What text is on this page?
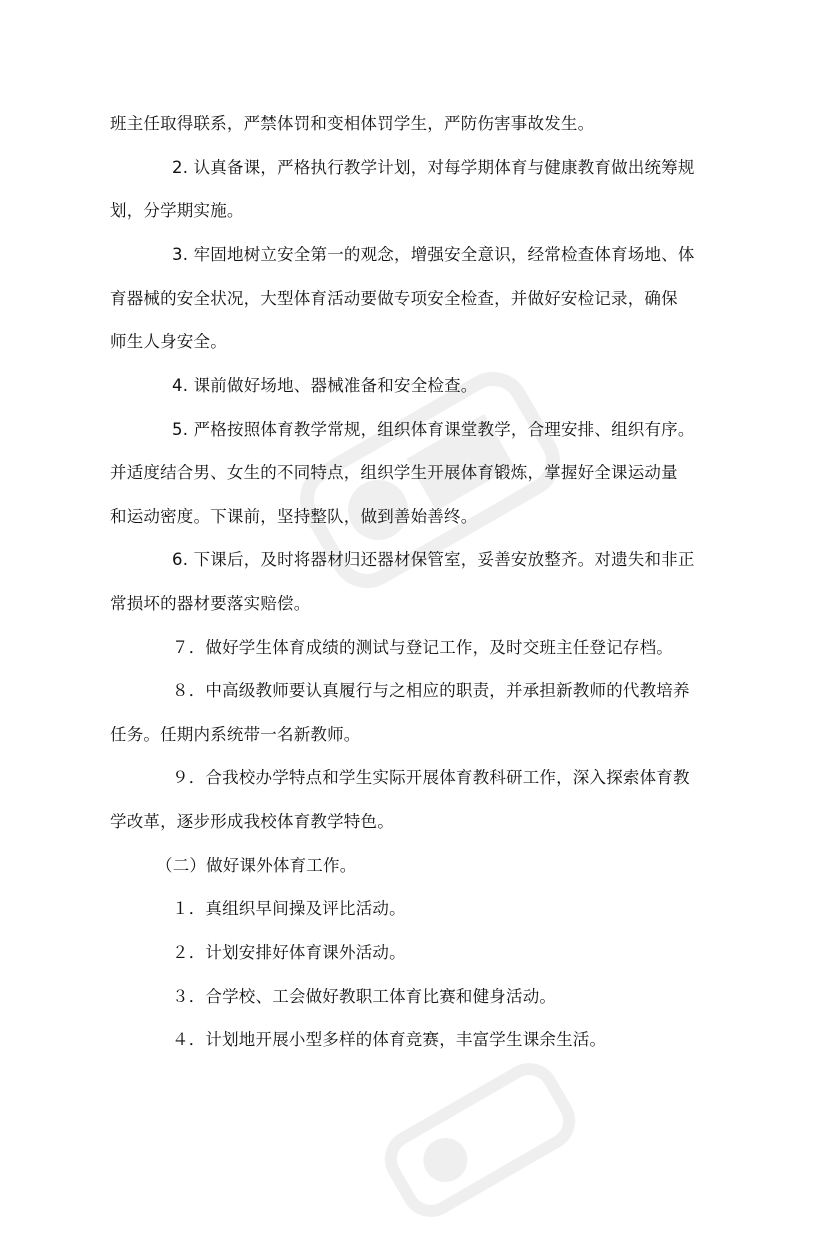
班主任取得联系，严禁体罚和变相体罚学生，严防伤害事故发生。
2. 认真备课，严格执行教学计划，对每学期体育与健康教育做出统筹规
划，分学期实施。
3. 牢固地树立安全第一的观念，增强安全意识，经常检查体育场地、体
育器械的安全状况，大型体育活动要做专项安全检查，并做好安检记录，确保
师生人身安全。
4. 课前做好场地、器械准备和安全检查。
5. 严格按照体育教学常规，组织体育课堂教学，合理安排、组织有序。
并适度结合男、女生的不同特点，组织学生开展体育锻炼，掌握好全课运动量
和运动密度。下课前，坚持整队，做到善始善终。
6. 下课后，及时将器材归还器材保管室，妥善安放整齐。对遗失和非正
常损坏的器材要落实赔偿。
７．做好学生体育成绩的测试与登记工作，及时交班主任登记存档。
８．中高级教师要认真履行与之相应的职责，并承担新教师的代教培养
任务。任期内系统带一名新教师。
９．合我校办学特点和学生实际开展体育教科研工作，深入探索体育教
学改革，逐步形成我校体育教学特色。
（二）做好课外体育工作。
１．真组织早间操及评比活动。
２．计划安排好体育课外活动。
３．合学校、工会做好教职工体育比赛和健身活动。
４．计划地开展小型多样的体育竞赛，丰富学生课余生活。
